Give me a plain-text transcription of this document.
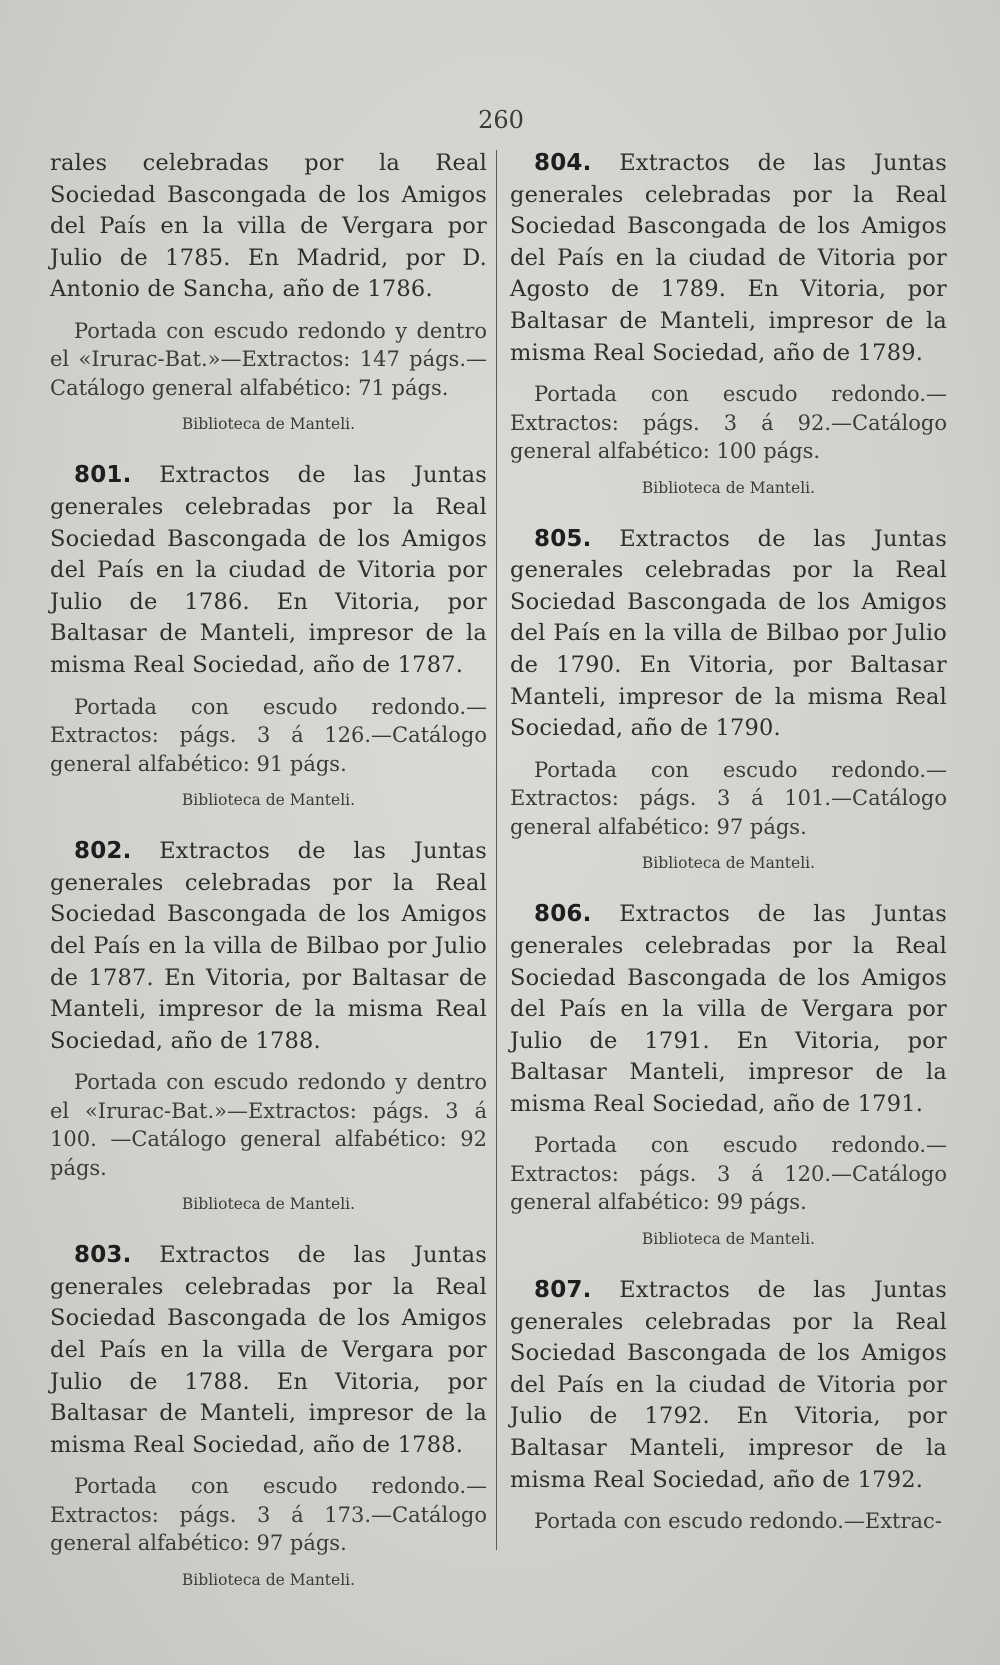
260

rales celebradas por la Real Sociedad Bascongada de los Amigos del País en la villa de Vergara por Julio de 1785. En Madrid, por D. Antonio de Sancha, año de 1786.

Portada con escudo redondo y dentro el «Irurac-Bat.»—Extractos: 147 págs.—Catálogo general alfabético: 71 págs.

Biblioteca de Manteli.

801. Extractos de las Juntas generales celebradas por la Real Sociedad Bascongada de los Amigos del País en la ciudad de Vitoria por Julio de 1786. En Vitoria, por Baltasar de Manteli, impresor de la misma Real Sociedad, año de 1787.

Portada con escudo redondo.—Extractos: págs. 3 á 126.—Catálogo general alfabético: 91 págs.

Biblioteca de Manteli.

802. Extractos de las Juntas generales celebradas por la Real Sociedad Bascongada de los Amigos del País en la villa de Bilbao por Julio de 1787. En Vitoria, por Baltasar de Manteli, impresor de la misma Real Sociedad, año de 1788.

Portada con escudo redondo y dentro el «Irurac-Bat.»—Extractos: págs. 3 á 100. —Catálogo general alfabético: 92 págs.

Biblioteca de Manteli.

803. Extractos de las Juntas generales celebradas por la Real Sociedad Bascongada de los Amigos del País en la villa de Vergara por Julio de 1788. En Vitoria, por Baltasar de Manteli, impresor de la misma Real Sociedad, año de 1788.

Portada con escudo redondo.—Extractos: págs. 3 á 173.—Catálogo general alfabético: 97 págs.

Biblioteca de Manteli.

804. Extractos de las Juntas generales celebradas por la Real Sociedad Bascongada de los Amigos del País en la ciudad de Vitoria por Agosto de 1789. En Vitoria, por Baltasar de Manteli, impresor de la misma Real Sociedad, año de 1789.

Portada con escudo redondo.—Extractos: págs. 3 á 92.—Catálogo general alfabético: 100 págs.

Biblioteca de Manteli.

805. Extractos de las Juntas generales celebradas por la Real Sociedad Bascongada de los Amigos del País en la villa de Bilbao por Julio de 1790. En Vitoria, por Baltasar Manteli, impresor de la misma Real Sociedad, año de 1790.

Portada con escudo redondo.—Extractos: págs. 3 á 101.—Catálogo general alfabético: 97 págs.

Biblioteca de Manteli.

806. Extractos de las Juntas generales celebradas por la Real Sociedad Bascongada de los Amigos del País en la villa de Vergara por Julio de 1791. En Vitoria, por Baltasar Manteli, impresor de la misma Real Sociedad, año de 1791.

Portada con escudo redondo.—Extractos: págs. 3 á 120.—Catálogo general alfabético: 99 págs.

Biblioteca de Manteli.

807. Extractos de las Juntas generales celebradas por la Real Sociedad Bascongada de los Amigos del País en la ciudad de Vitoria por Julio de 1792. En Vitoria, por Baltasar Manteli, impresor de la misma Real Sociedad, año de 1792.

Portada con escudo redondo.—Extrac-
